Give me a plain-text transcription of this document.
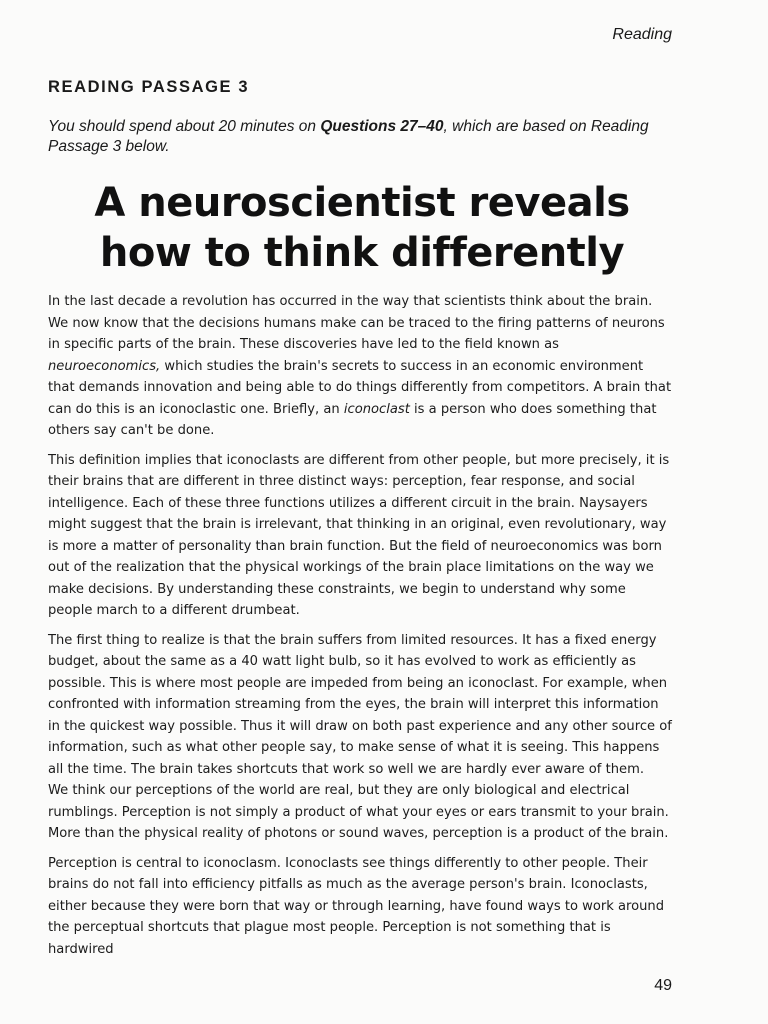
Reading
READING PASSAGE 3

You should spend about 20 minutes on Questions 27–40, which are based on Reading Passage 3 below.

A neuroscientist reveals
how to think differently

In the last decade a revolution has occurred in the way that scientists think about the brain. We now know that the decisions humans make can be traced to the firing patterns of neurons in specific parts of the brain. These discoveries have led to the field known as neuroeconomics, which studies the brain's secrets to success in an economic environment that demands innovation and being able to do things differently from competitors. A brain that can do this is an iconoclastic one. Briefly, an iconoclast is a person who does something that others say can't be done.

This definition implies that iconoclasts are different from other people, but more precisely, it is their brains that are different in three distinct ways: perception, fear response, and social intelligence. Each of these three functions utilizes a different circuit in the brain. Naysayers might suggest that the brain is irrelevant, that thinking in an original, even revolutionary, way is more a matter of personality than brain function. But the field of neuroeconomics was born out of the realization that the physical workings of the brain place limitations on the way we make decisions. By understanding these constraints, we begin to understand why some people march to a different drumbeat.

The first thing to realize is that the brain suffers from limited resources. It has a fixed energy budget, about the same as a 40 watt light bulb, so it has evolved to work as efficiently as possible. This is where most people are impeded from being an iconoclast. For example, when confronted with information streaming from the eyes, the brain will interpret this information in the quickest way possible. Thus it will draw on both past experience and any other source of information, such as what other people say, to make sense of what it is seeing. This happens all the time. The brain takes shortcuts that work so well we are hardly ever aware of them.

We think our perceptions of the world are real, but they are only biological and electrical rumblings. Perception is not simply a product of what your eyes or ears transmit to your brain. More than the physical reality of photons or sound waves, perception is a product of the brain.

Perception is central to iconoclasm. Iconoclasts see things differently to other people. Their brains do not fall into efficiency pitfalls as much as the average person's brain. Iconoclasts, either because they were born that way or through learning, have found ways to work around the perceptual shortcuts that plague most people. Perception is not something that is hardwired

49
